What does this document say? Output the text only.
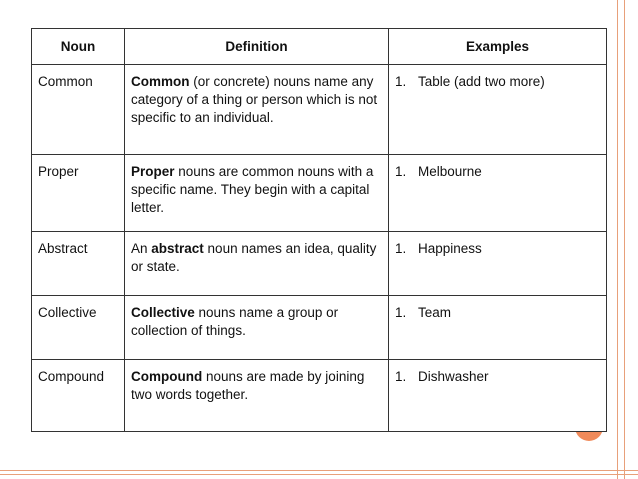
Noun	Definition	Examples
Common	Common (or concrete) nouns name any category of a thing or person which is not specific to an individual.	1. Table (add two more)

Proper	Proper nouns are common nouns with a specific name. They begin with a capital letter.	1. Melbourne

Abstract	An abstract noun names an idea, quality or state.	1. Happiness

Collective	Collective nouns name a group or collection of things.	1. Team

Compound	Compound nouns are made by joining two words together.	1. Dishwasher
